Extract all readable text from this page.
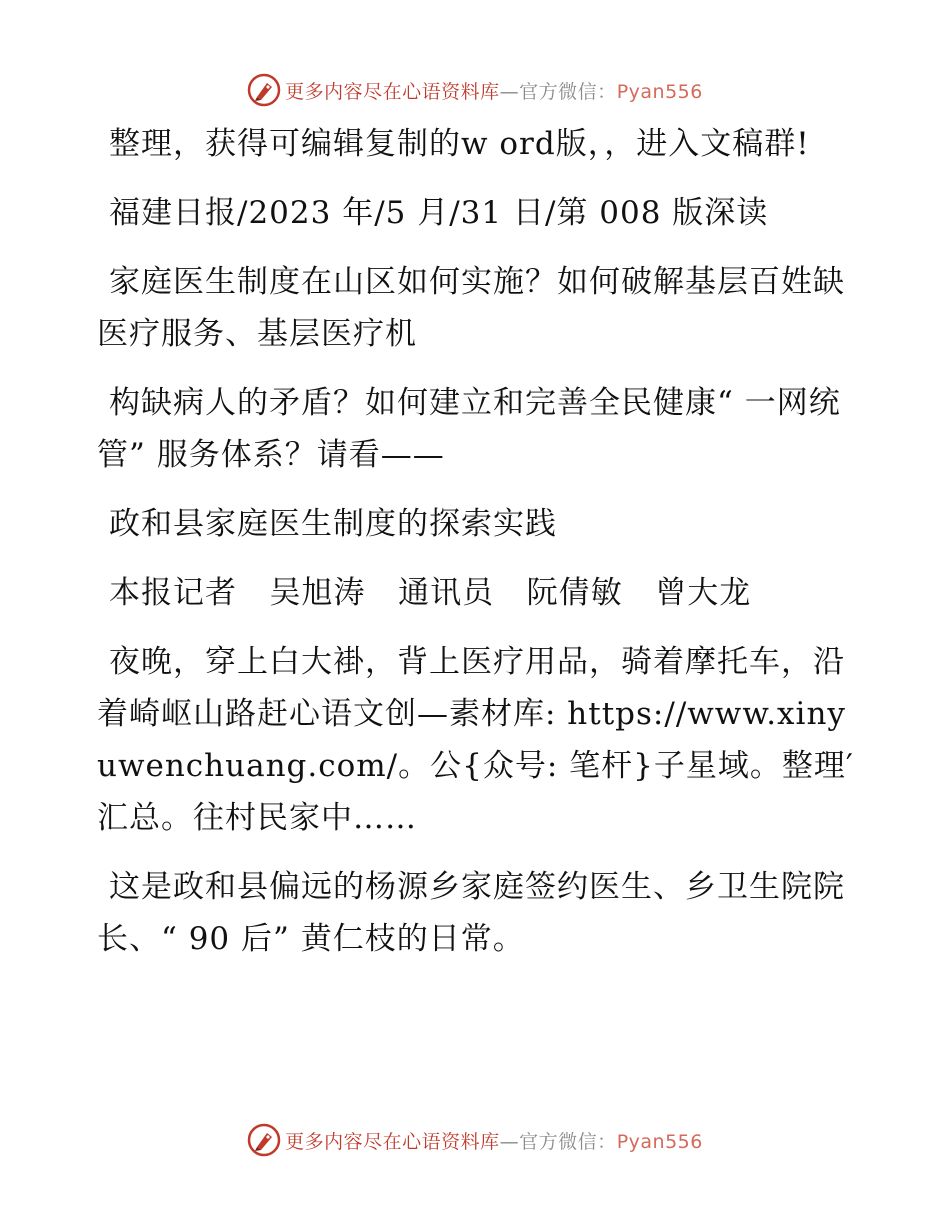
更多内容尽在心语资料库—官方微信：Pyan556

整理，获得可编辑复制的w ord版，，进入文稿群!

福建日报/2023 年/5 月/31 日/第 008 版深读

家庭医生制度在山区如何实施？如何破解基层百姓缺医疗服务、基层医疗机

构缺病人的矛盾？如何建立和完善全民健康“ 一网统管” 服务体系？请看——

政和县家庭医生制度的探索实践

本报记者   吴旭涛   通讯员   阮倩敏   曾大龙

夜晚，穿上白大褂，背上医疗用品，骑着摩托车，沿着崎岖山路赶心语文创—素材库: https://www.xinyuwenchuang.com/。公{众号: 笔杆}子星域。整理′汇总。往村民家中……

这是政和县偏远的杨源乡家庭签约医生、乡卫生院院长、“ 90 后” 黄仁枝的日常。

更多内容尽在心语资料库—官方微信：Pyan556
